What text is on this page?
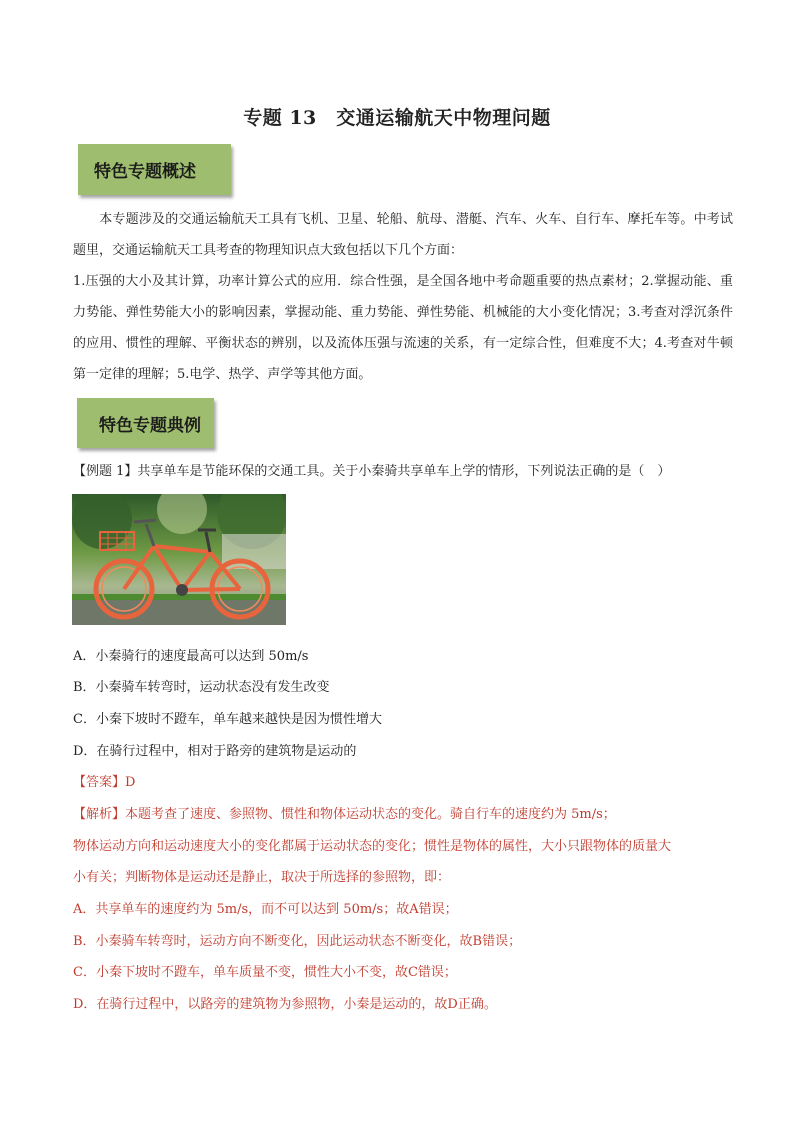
专题 13　交通运输航天中物理问题
特色专题概述
本专题涉及的交通运输航天工具有飞机、卫星、轮船、航母、潜艇、汽车、火车、自行车、摩托车等。中考试题里，交通运输航天工具考查的物理知识点大致包括以下几个方面：
1.压强的大小及其计算，功率计算公式的应用．综合性强，是全国各地中考命题重要的热点素材；2.掌握动能、重力势能、弹性势能大小的影响因素，掌握动能、重力势能、弹性势能、机械能的大小变化情况；3.考查对浮沉条件的应用、惯性的理解、平衡状态的辨别，以及流体压强与流速的关系，有一定综合性，但难度不大；4.考查对牛顿第一定律的理解；5.电学、热学、声学等其他方面。
特色专题典例
【例题 1】共享单车是节能环保的交通工具。关于小秦骑共享单车上学的情形，下列说法正确的是（　）
A．小秦骑行的速度最高可以达到 50m/s
B．小秦骑车转弯时，运动状态没有发生改变
C．小秦下坡时不蹬车，单车越来越快是因为惯性增大
D．在骑行过程中，相对于路旁的建筑物是运动的
【答案】D
【解析】本题考查了速度、参照物、惯性和物体运动状态的变化。骑自行车的速度约为 5m/s；
物体运动方向和运动速度大小的变化都属于运动状态的变化；惯性是物体的属性，大小只跟物体的质量大
小有关；判断物体是运动还是静止，取决于所选择的参照物，即：
A．共享单车的速度约为 5m/s，而不可以达到 50m/s；故A错误；
B．小秦骑车转弯时，运动方向不断变化，因此运动状态不断变化，故B错误；
C．小秦下坡时不蹬车，单车质量不变，惯性大小不变，故C错误；
D．在骑行过程中，以路旁的建筑物为参照物，小秦是运动的，故D正确。
